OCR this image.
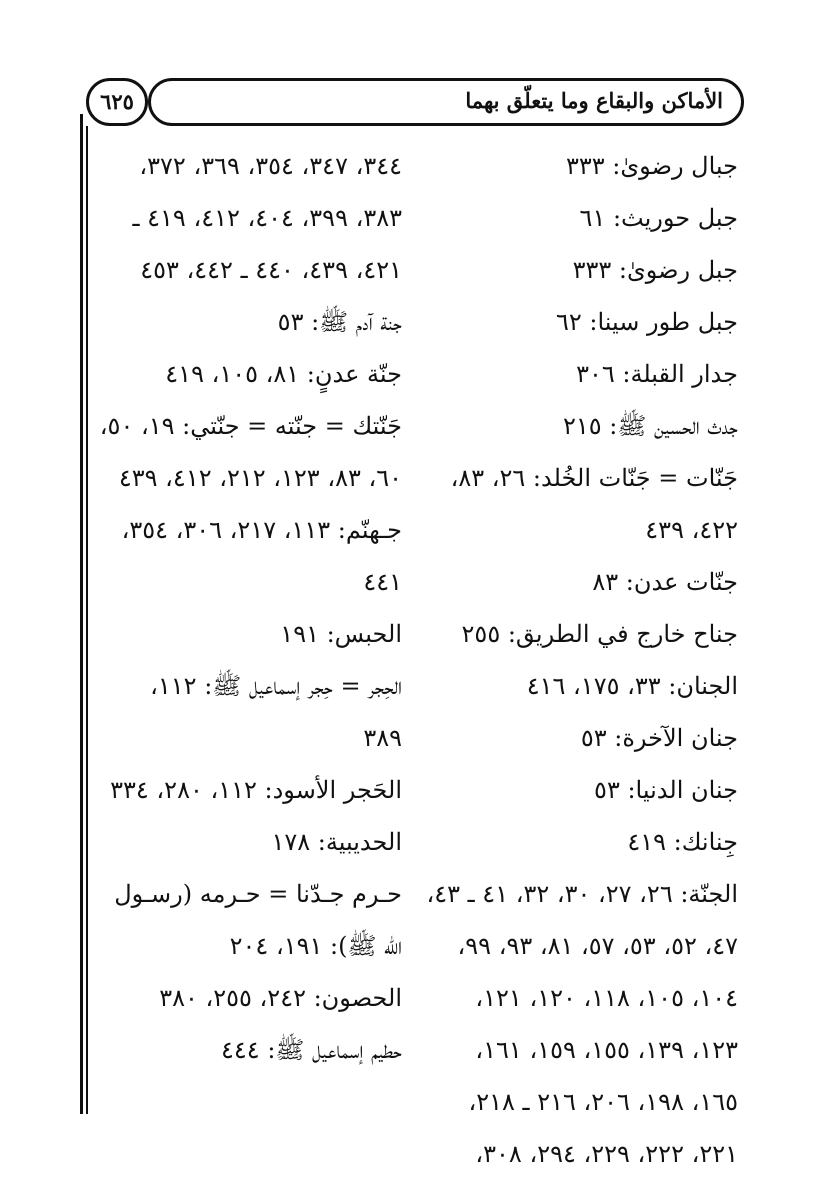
الأماكن والبقاع وما يتعلّق بهما
٦٢٥
جبال رضوىٰ: ٣٣٣
جبل حوريث: ٦١
جبل رضوىٰ: ٣٣٣
جبل طور سينا: ٦٢
جدار القبلة: ٣٠٦
جدث الحسين ﷺ: ٢١٥
جَنّات = جَنّات الخُلد: ٢٦، ٨٣،
٤٢٢، ٤٣٩
جنّات عدن: ٨٣
جناح خارج في الطريق: ٢٥٥
الجنان: ٣٣، ١٧٥، ٤١٦
جنان الآخرة: ٥٣
جنان الدنيا: ٥٣
جِنانك: ٤١٩
الجنّة: ٢٦، ٢٧، ٣٠، ٣٢، ٤١ ـ ٤٣،
٤٧، ٥٢، ٥٣، ٥٧، ٨١، ٩٣، ٩٩،
١٠٤، ١٠٥، ١١٨، ١٢٠، ١٢١،
١٢٣، ١٣٩، ١٥٥، ١٥٩، ١٦١،
١٦٥، ١٩٨، ٢٠٦، ٢١٦ ـ ٢١٨،
٢٢١، ٢٢٢، ٢٢٩، ٢٩٤، ٣٠٨،
٣٤٤، ٣٤٧، ٣٥٤، ٣٦٩، ٣٧٢،
٣٨٣، ٣٩٩، ٤٠٤، ٤١٢، ٤١٩ ـ
٤٢١، ٤٣٩، ٤٤٠ ـ ٤٤٢، ٤٥٣
جنة آدم ﷺ: ٥٣
جنّة عدنٍ: ٨١، ١٠٥، ٤١٩
جَنّتك = جنّته = جنّتي: ١٩، ٥٠،
٦٠، ٨٣، ١٢٣، ٢١٢، ٤١٢، ٤٣٩
جـهنّم: ١١٣، ٢١٧، ٣٠٦، ٣٥٤،
٤٤١
الحبس: ١٩١
الحِجر = حِجر إسماعيل ﷺ: ١١٢،
٣٨٩
الحَجر الأسود: ١١٢، ٢٨٠، ٣٣٤
الحديبية: ١٧٨
حـرم جـدّنا = حـرمه (رسـول
الله ﷺ): ١٩١، ٢٠٤
الحصون: ٢٤٢، ٢٥٥، ٣٨٠
حطيم إسماعيل ﷺ: ٤٤٤
